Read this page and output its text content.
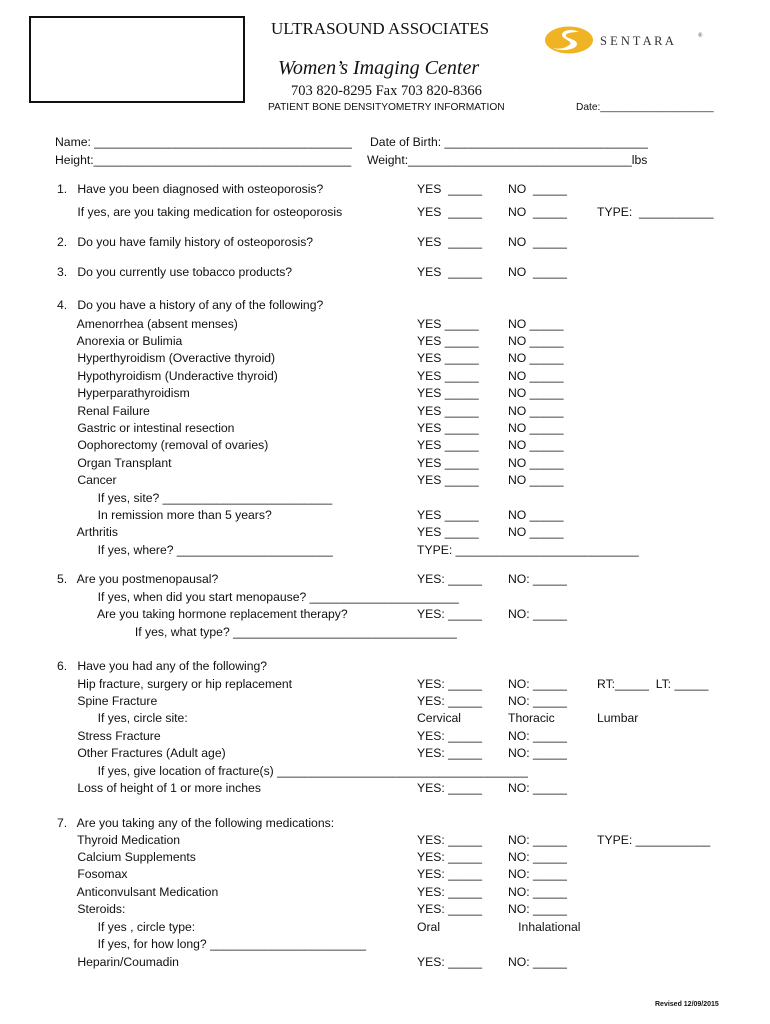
ULTRASOUND ASSOCIATES
Women’s Imaging Center
703 820-8295 Fax 703 820-8366
PATIENT BONE DENSITYOMETRY INFORMATION	Date:____________________
S E N T A R A	®
Name: ______________________________________ Date of Birth: ______________________________
Height:______________________________________ Weight:_________________________________lbs
1.   Have you been diagnosed with osteoporosis?	YES  _____ NO  _____
If yes, are you taking medication for osteoporosis	YES  _____ NO  _____ TYPE:  ___________
2.   Do you have family history of osteoporosis?	YES  _____ NO  _____
3.   Do you currently use tobacco products?	YES  _____ NO  _____
4.   Do you have a history of any of the following?
Amenorrhea (absent menses)	YES _____ NO _____
Anorexia or Bulimia	YES _____ NO _____
Hyperthyroidism (Overactive thyroid)	YES _____ NO _____
Hypothyroidism (Underactive thyroid)	YES _____ NO _____
Hyperparathyroidism	YES _____ NO _____
Renal Failure	YES _____ NO _____
Gastric or intestinal resection	YES _____ NO _____
Oophorectomy (removal of ovaries)	YES _____ NO _____
Organ Transplant	YES _____ NO _____
Cancer	YES _____ NO _____
If yes, site? _________________________
In remission more than 5 years?	YES _____ NO _____
Arthritis	YES _____ NO _____
If yes, where? _______________________	TYPE: ___________________________
5.   Are you postmenopausal?	YES: _____ NO: _____
If yes, when did you start menopause? ______________________
Are you taking hormone replacement therapy?	YES: _____ NO: _____
If yes, what type? _________________________________
6.   Have you had any of the following?
Hip fracture, surgery or hip replacement	YES: _____ NO: _____ RT:_____  LT: _____
Spine Fracture	YES: _____ NO: _____
If yes, circle site:	Cervical	Thoracic	Lumbar
Stress Fracture	YES: _____ NO: _____
Other Fractures (Adult age)	YES: _____ NO: _____
If yes, give location of fracture(s) _____________________________________
Loss of height of 1 or more inches	YES: _____ NO: _____
7.   Are you taking any of the following medications:
Thyroid Medication	YES: _____ NO: _____ TYPE: ___________
Calcium Supplements	YES: _____ NO: _____
Fosomax	YES: _____ NO: _____
Anticonvulsant Medication	YES: _____ NO: _____
Steroids:	YES: _____ NO: _____
If yes , circle type:	Oral	Inhalational
If yes, for how long? _______________________
Heparin/Coumadin	YES: _____ NO: _____
Revised 12/09/2015
